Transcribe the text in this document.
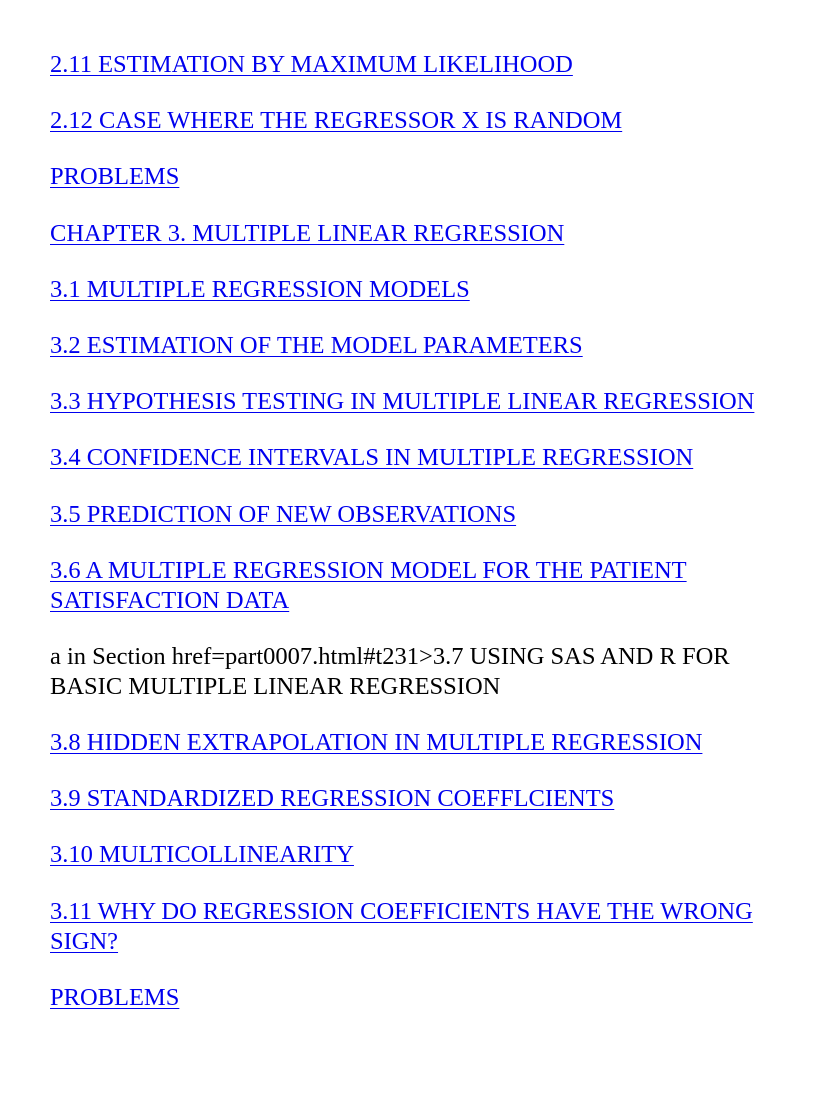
2.11 ESTIMATION BY MAXIMUM LIKELIHOOD

2.12 CASE WHERE THE REGRESSOR X IS RANDOM

PROBLEMS

CHAPTER 3. MULTIPLE LINEAR REGRESSION

3.1 MULTIPLE REGRESSION MODELS

3.2 ESTIMATION OF THE MODEL PARAMETERS

3.3 HYPOTHESIS TESTING IN MULTIPLE LINEAR REGRESSION

3.4 CONFIDENCE INTERVALS IN MULTIPLE REGRESSION

3.5 PREDICTION OF NEW OBSERVATIONS

3.6 A MULTIPLE REGRESSION MODEL FOR THE PATIENT SATISFACTION DATA

a in Section href=part0007.html#t231>3.7 USING SAS AND R FOR BASIC MULTIPLE LINEAR REGRESSION

3.8 HIDDEN EXTRAPOLATION IN MULTIPLE REGRESSION

3.9 STANDARDIZED REGRESSION COEFFLCIENTS

3.10 MULTICOLLINEARITY

3.11 WHY DO REGRESSION COEFFICIENTS HAVE THE WRONG SIGN?

PROBLEMS
